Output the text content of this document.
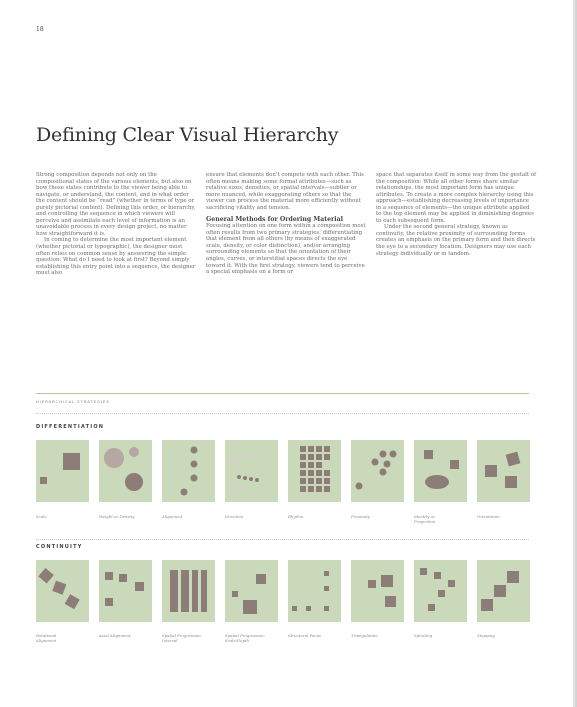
18
Defining Clear Visual Hierarchy

Strong composition depends not only on the compositional states of the various elements, but also on how those states contribute to the viewer being able to navigate, or understand, the content, and in what order the content should be “read” (whether in terms of type or purely pictorial content). Defining this order, or hierarchy, and controlling the sequence in which viewers will perceive and assimilate each level of information is an unavoidable process in every design project, no matter how straightforward it is.

In coming to determine the most important element (whether pictorial or typographic), the designer most often relies on common sense by answering the simple question: What do I need to look at first? Beyond simply establishing this entry point into a sequence, the designer must also

ensure that elements don’t compete with each other. This often means making some formal attributes—such as relative sizes, densities, or spatial intervals—subtler or more nuanced, while exaggerating others so that the viewer can process the material more efficiently without sacrificing vitality and tension.

General Methods for Ordering Material

Focusing attention on one form within a composition most often results from two primary strategies: differentiating that element from all others (by means of exaggerated scale, density, or color distinction), and/or arranging surrounding elements so that the orientation of their angles, curves, or interstitial spaces directs the eye toward it. With the first strategy, viewers tend to perceive a special emphasis on a form or

space that separates itself in some way from the gestalt of the composition: While all other forms share similar relationships, the most important form has unique attributes. To create a more complex hierarchy using this approach—establishing decreasing levels of importance in a sequence of elements—the unique attribute applied to the top element may be applied in diminishing degrees to each subsequent form.

Under the second general strategy, known as continuity, the relative proximity of surrounding forms creates an emphasis on the primary form and then directs the eye to a secondary location. Designers may use each strategy individually or in tandem.

HIERARCHICAL STRATEGIES
DIFFERENTIATION
Scale	Weight or Density	Alignment	Direction	Rhythm	Proximity	Identity or
Proportion
Orientation
CONTINUITY
Rotational
Alignment
Axial Alignment	Spatial Progression:
Interval
Spatial Progression:
Scale/Depth
Structural Focus	Triangulation	Spiraling	Stepping
